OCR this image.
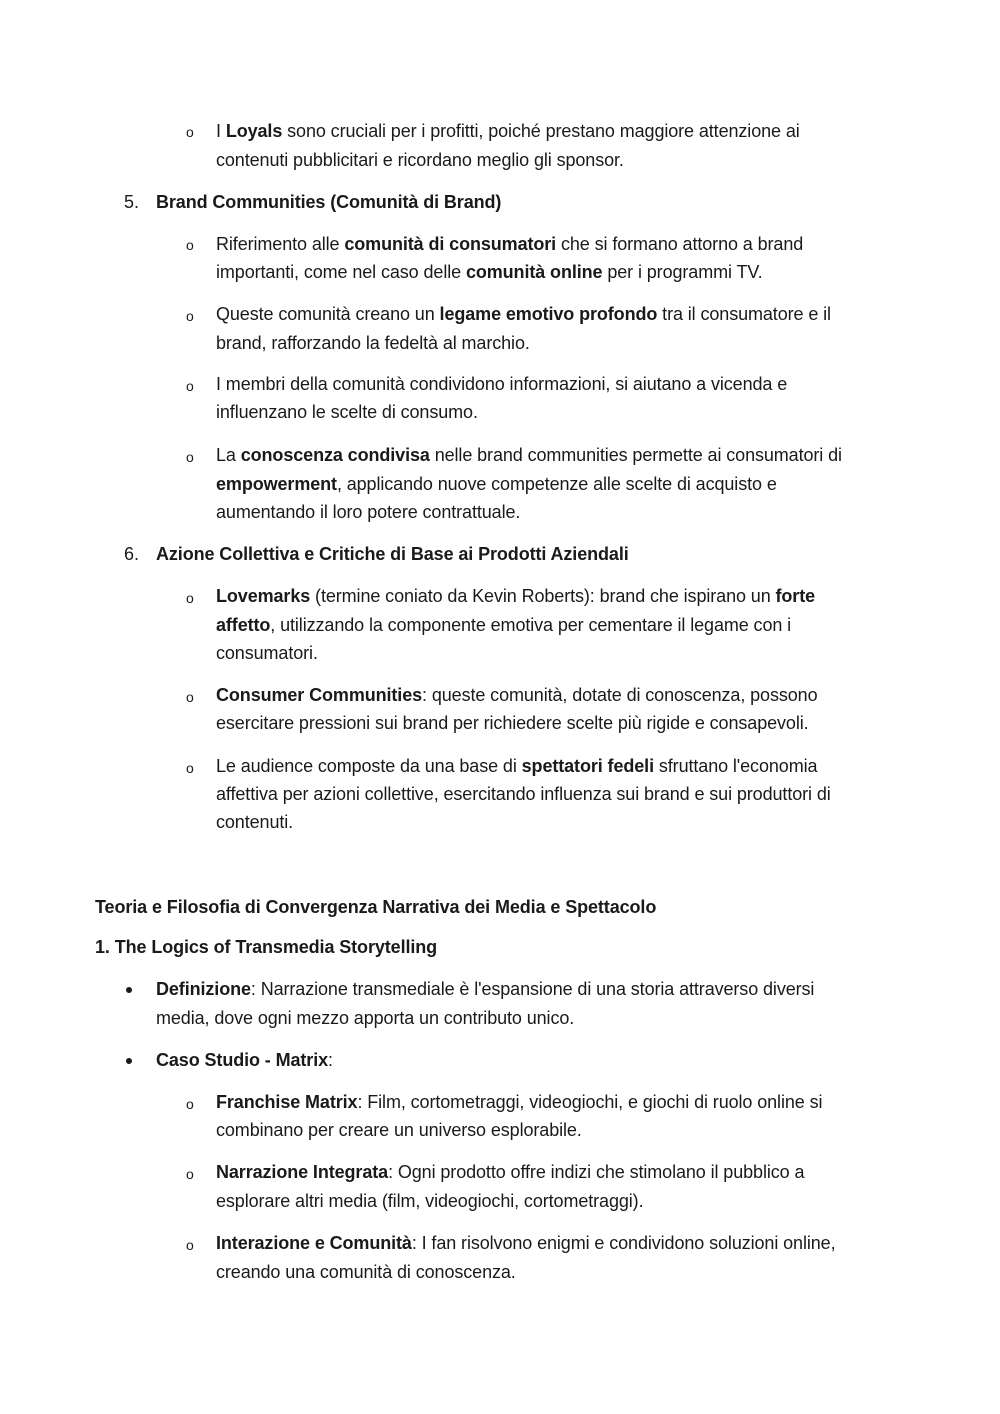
o I Loyals sono cruciali per i profitti, poiché prestano maggiore attenzione ai
contenuti pubblicitari e ricordano meglio gli sponsor.
5. Brand Communities (Comunità di Brand)
o Riferimento alle comunità di consumatori che si formano attorno a brand
importanti, come nel caso delle comunità online per i programmi TV.
o Queste comunità creano un legame emotivo profondo tra il consumatore e il
brand, rafforzando la fedeltà al marchio.
o I membri della comunità condividono informazioni, si aiutano a vicenda e
influenzano le scelte di consumo.
o La conoscenza condivisa nelle brand communities permette ai consumatori di
empowerment, applicando nuove competenze alle scelte di acquisto e
aumentando il loro potere contrattuale.
6. Azione Collettiva e Critiche di Base ai Prodotti Aziendali
o Lovemarks (termine coniato da Kevin Roberts): brand che ispirano un forte
affetto, utilizzando la componente emotiva per cementare il legame con i
consumatori.
o Consumer Communities: queste comunità, dotate di conoscenza, possono
esercitare pressioni sui brand per richiedere scelte più rigide e consapevoli.
o Le audience composte da una base di spettatori fedeli sfruttano l'economia
affettiva per azioni collettive, esercitando influenza sui brand e sui produttori di
contenuti.
Teoria e Filosofia di Convergenza Narrativa dei Media e Spettacolo
1. The Logics of Transmedia Storytelling
Definizione: Narrazione transmediale è l'espansione di una storia attraverso diversi
media, dove ogni mezzo apporta un contributo unico.
Caso Studio - Matrix:
o Franchise Matrix: Film, cortometraggi, videogiochi, e giochi di ruolo online si
combinano per creare un universo esplorabile.
o Narrazione Integrata: Ogni prodotto offre indizi che stimolano il pubblico a
esplorare altri media (film, videogiochi, cortometraggi).
o Interazione e Comunità: I fan risolvono enigmi e condividono soluzioni online,
creando una comunità di conoscenza.
